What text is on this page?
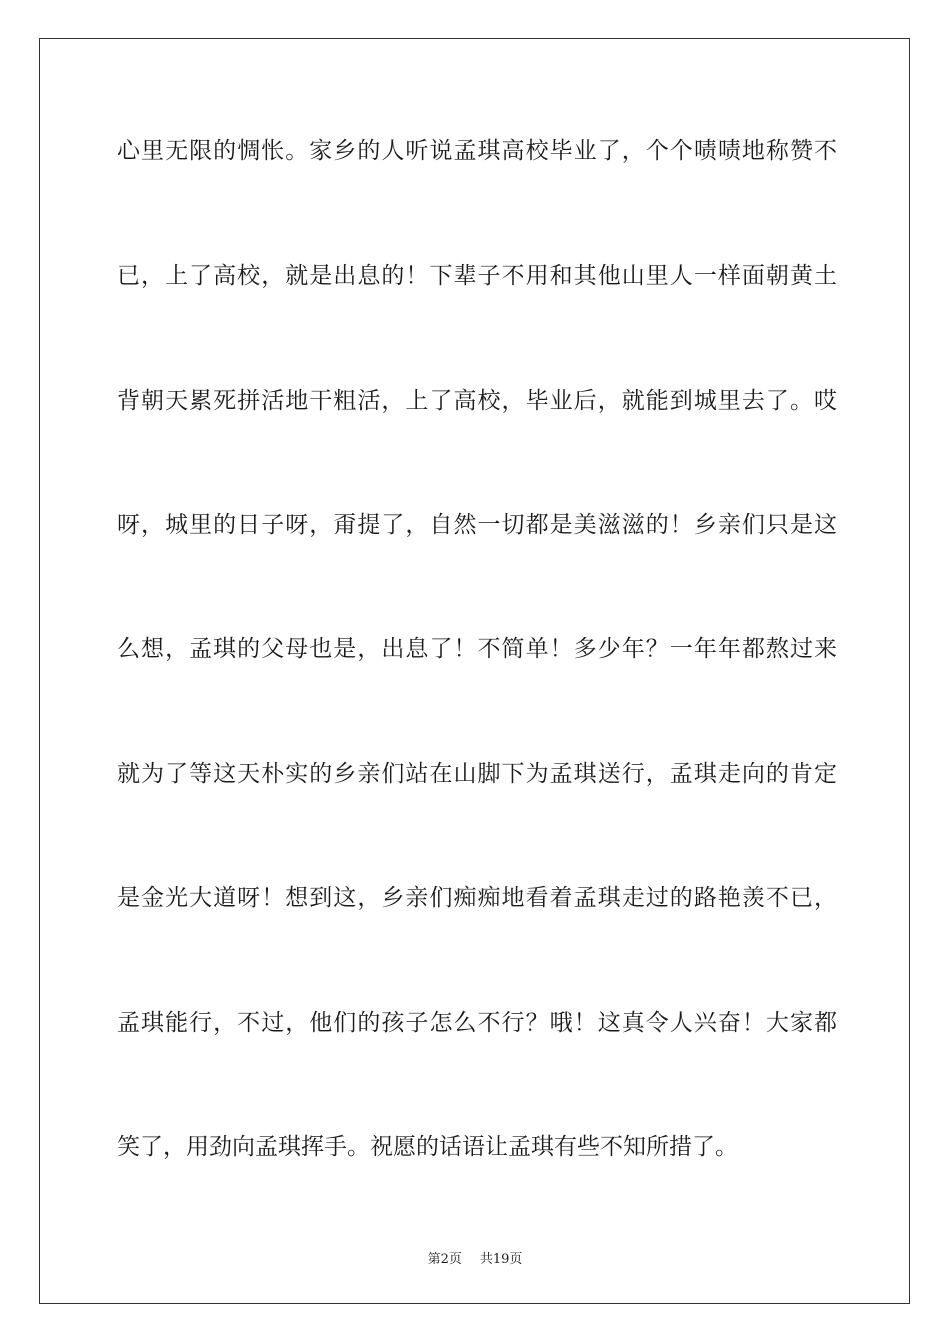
心里无限的惆怅。家乡的人听说孟琪高校毕业了，个个啧啧地称赞不
已，上了高校，就是出息的！下辈子不用和其他山里人一样面朝黄土
背朝天累死拼活地干粗活，上了高校，毕业后，就能到城里去了。哎
呀，城里的日子呀，甭提了，自然一切都是美滋滋的！乡亲们只是这
么想，孟琪的父母也是，出息了！不简单！多少年？一年年都熬过来
就为了等这天朴实的乡亲们站在山脚下为孟琪送行，孟琪走向的肯定
是金光大道呀！想到这，乡亲们痴痴地看着孟琪走过的路艳羡不已，
孟琪能行，不过，他们的孩子怎么不行？哦！这真令人兴奋！大家都
笑了，用劲向孟琪挥手。祝愿的话语让孟琪有些不知所措了。
第2页 共19页
